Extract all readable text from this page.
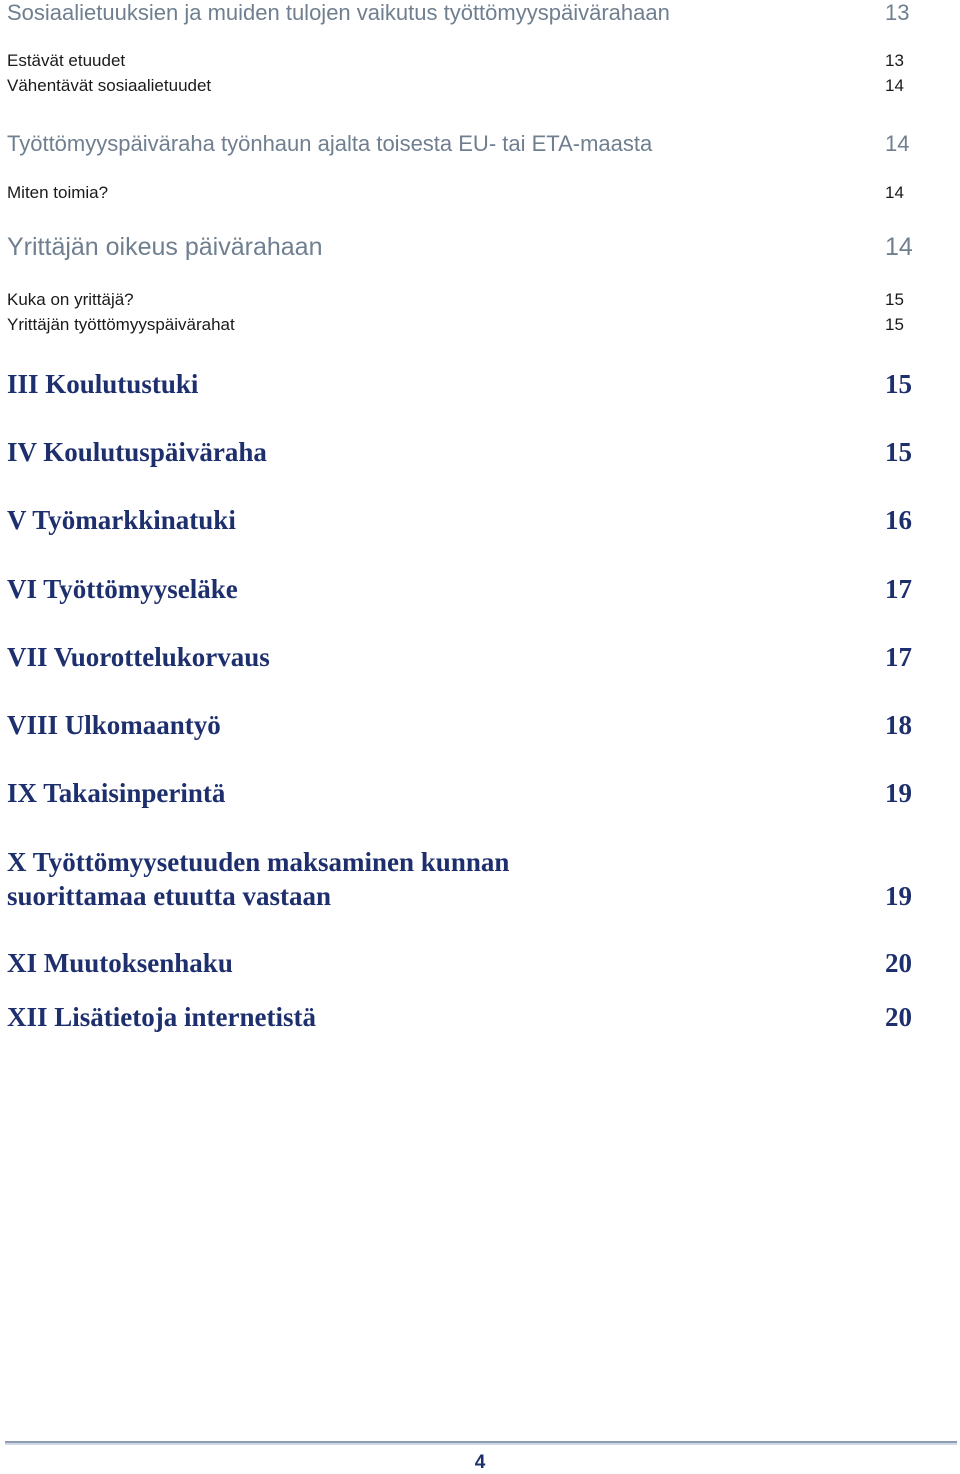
Sosiaalietuuksien ja muiden tulojen vaikutus työttömyyspäivärahaan	13
Estävät etuudet	13
Vähentävät sosiaalietuudet	14
Työttömyyspäiväraha työnhaun ajalta toisesta EU- tai ETA-maasta	14
Miten toimia?	14
Yrittäjän oikeus päivärahaan	14
Kuka on yrittäjä?	15
Yrittäjän työttömyyspäivärahat	15
III Koulutustuki	15
IV Koulutuspäiväraha	15
V Työmarkkinatuki	16
VI Työttömyyseläke	17
VII Vuorottelukorvaus	17
VIII Ulkomaantyö	18
IX Takaisinperintä	19
X Työttömyysetuuden maksaminen kunnan
suorittamaa etuutta vastaan	19
XI Muutoksenhaku	20
XII Lisätietoja internetistä	20
4
